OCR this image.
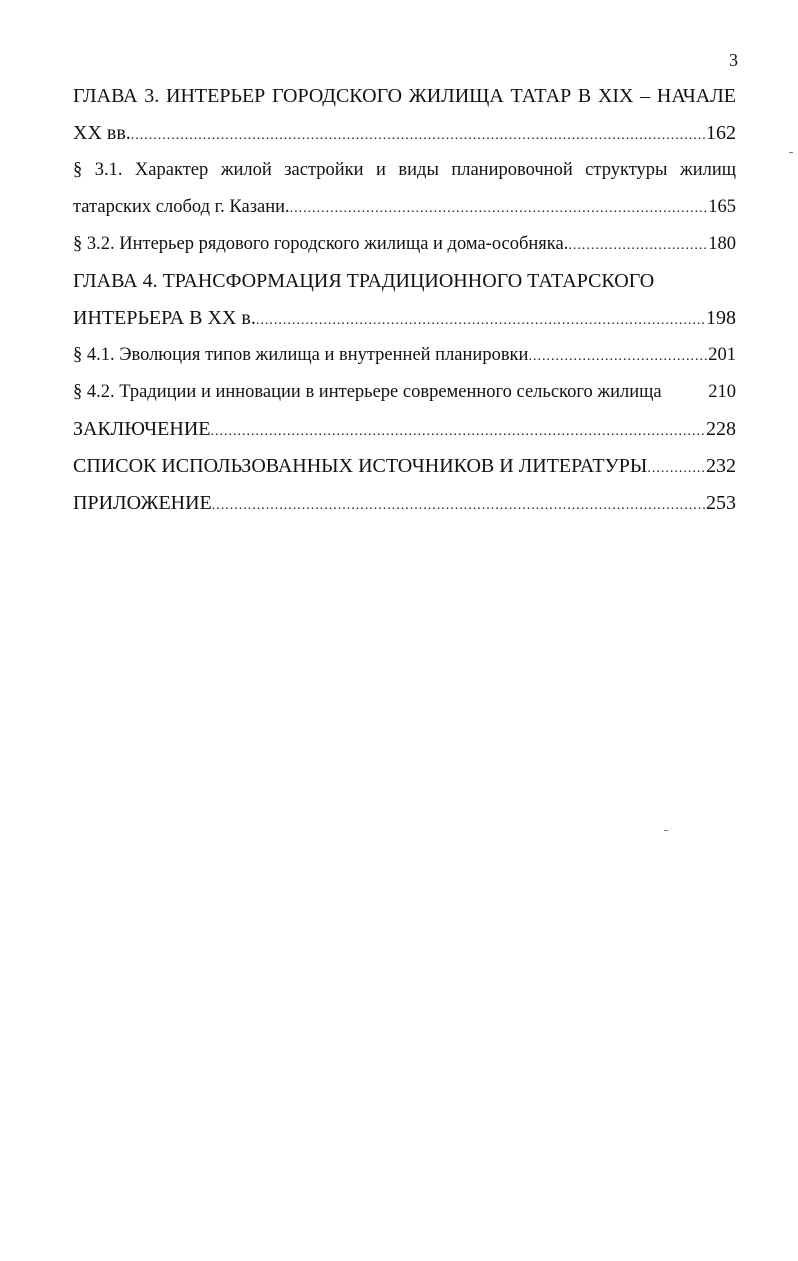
3
ГЛАВА 3. ИНТЕРЬЕР ГОРОДСКОГО ЖИЛИЩА ТАТАР В XIX – НАЧАЛЕ
XX вв. .....	162
§ 3.1. Характер жилой застройки и виды планировочной структуры жилищ
татарских слобод г. Казани. .....	165
§ 3.2. Интерьер рядового городского жилища и дома-особняка. .....	180
ГЛАВА 4. ТРАНСФОРМАЦИЯ ТРАДИЦИОННОГО ТАТАРСКОГО
ИНТЕРЬЕРА В XX в. .....	198
§ 4.1. Эволюция типов жилища и внутренней планировки .....	201
§ 4.2. Традиции и инновации в интерьере современного сельского жилища	210
ЗАКЛЮЧЕНИЕ .....	228
СПИСОК ИСПОЛЬЗОВАННЫХ ИСТОЧНИКОВ И ЛИТЕРАТУРЫ .....	232
ПРИЛОЖЕНИЕ .....	253
